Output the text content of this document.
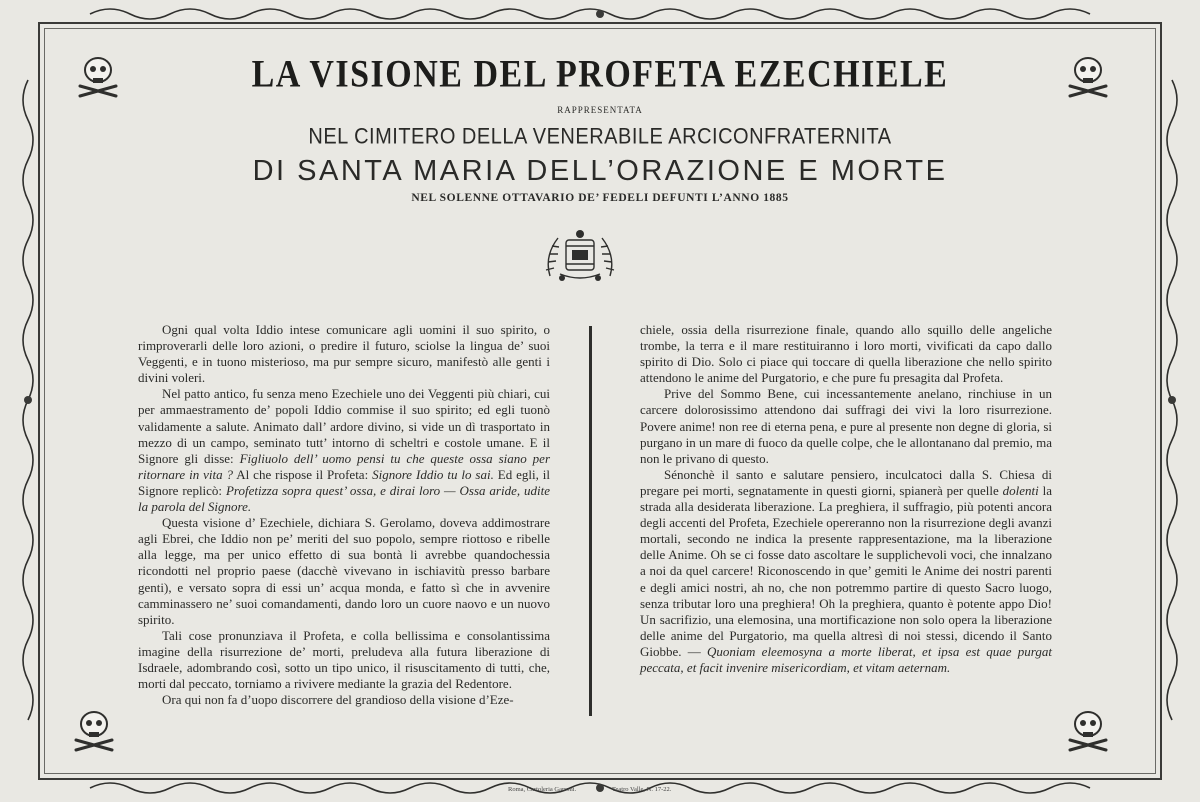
LA VISIONE DEL PROFETA EZECHIELE
RAPPRESENTATA
NEL CIMITERO DELLA VENERABILE ARCICONFRATERNITA
DI SANTA MARIA DELL’ORAZIONE E MORTE
NEL SOLENNE OTTAVARIO DE’ FEDELI DEFUNTI L’ANNO 1885

Ogni qual volta Iddio intese comunicare agli uomini il suo spirito, o rimproverarli delle loro azioni, o predire il futuro, sciolse la lingua de’ suoi Veggenti, e in tuono misterioso, ma pur sempre sicuro, manifestò alle genti i divini voleri.

Nel patto antico, fu senza meno Ezechiele uno dei Veggenti più chiari, cui per ammaestramento de’ popoli Iddio commise il suo spirito; ed egli tuonò validamente a salute. Animato dall’ ardore divino, si vide un dì trasportato in mezzo di un campo, seminato tutt’ intorno di scheltri e costole umane. E il Signore gli disse: Figliuolo dell’ uomo pensi tu che queste ossa siano per ritornare in vita ? Al che rispose il Profeta: Signore Iddio tu lo sai. Ed egli, il Signore replicò: Profetizza sopra quest’ ossa, e dirai loro — Ossa aride, udite la parola del Signore.

Questa visione d’ Ezechiele, dichiara S. Gerolamo, doveva addimostrare agli Ebrei, che Iddio non pe’ meriti del suo popolo, sempre riottoso e ribelle alla legge, ma per unico effetto di sua bontà li avrebbe quandochessia ricondotti nel proprio paese (dacchè vivevano in ischiavitù presso barbare genti), e versato sopra di essi un’ acqua monda, e fatto sì che in avvenire camminassero ne’ suoi comandamenti, dando loro un cuore naovo e un nuovo spirito.

Tali cose pronunziava il Profeta, e colla bellissima e consolantissima imagine della risurrezione de’ morti, preludeva alla futura liberazione di Isdraele, adombrando così, sotto un tipo unico, il risuscitamento di tutti, che, morti dal peccato, torniamo a rivivere mediante la grazia del Redentore.

Ora qui non fa d’uopo discorrere del grandioso della visione d’Eze-

chiele, ossia della risurrezione finale, quando allo squillo delle angeliche trombe, la terra e il mare restituiranno i loro morti, vivificati da capo dallo spirito di Dio. Solo ci piace qui toccare di quella liberazione che nello spirito attendono le anime del Purgatorio, e che pure fu presagita dal Profeta.

Prive del Sommo Bene, cui incessantemente anelano, rinchiuse in un carcere dolorosissimo attendono dai suffragi dei vivi la loro risurrezione. Povere anime! non ree di eterna pena, e pure al presente non degne di gloria, si purgano in un mare di fuoco da quelle colpe, che le allontanano dal premio, ma non le privano di questo.

Sénonchè il santo e salutare pensiero, inculcatoci dalla S. Chiesa di pregare pei morti, segnatamente in questi giorni, spianerà per quelle dolenti la strada alla desiderata liberazione. La preghiera, il suffragio, più potenti ancora degli accenti del Profeta, Ezechiele opereranno non la risurrezione degli avanzi mortali, secondo ne indica la presente rappresentazione, ma la liberazione delle Anime. Oh se ci fosse dato ascoltare le supplichevoli voci, che innalzano a noi da quel carcere! Riconoscendo in que’ gemiti le Anime dei nostri parenti e degli amici nostri, ah no, che non potremmo partire di questo Sacro luogo, senza tributar loro una preghiera! Oh la preghiera, quanto è potente appo Dio! Un sacrifizio, una elemosina, una mortificazione non solo opera la liberazione delle anime del Purgatorio, ma quella altresì di noi stessi, dicendo il Santo Giobbe. — Quoniam eleemosyna a morte liberat, et ipsa est quae purgat peccata, et facit invenire misericordiam, et vitam aeternam.

Roma, Cartoleria Garroni.	Teatro Valle, N. 17-22.
